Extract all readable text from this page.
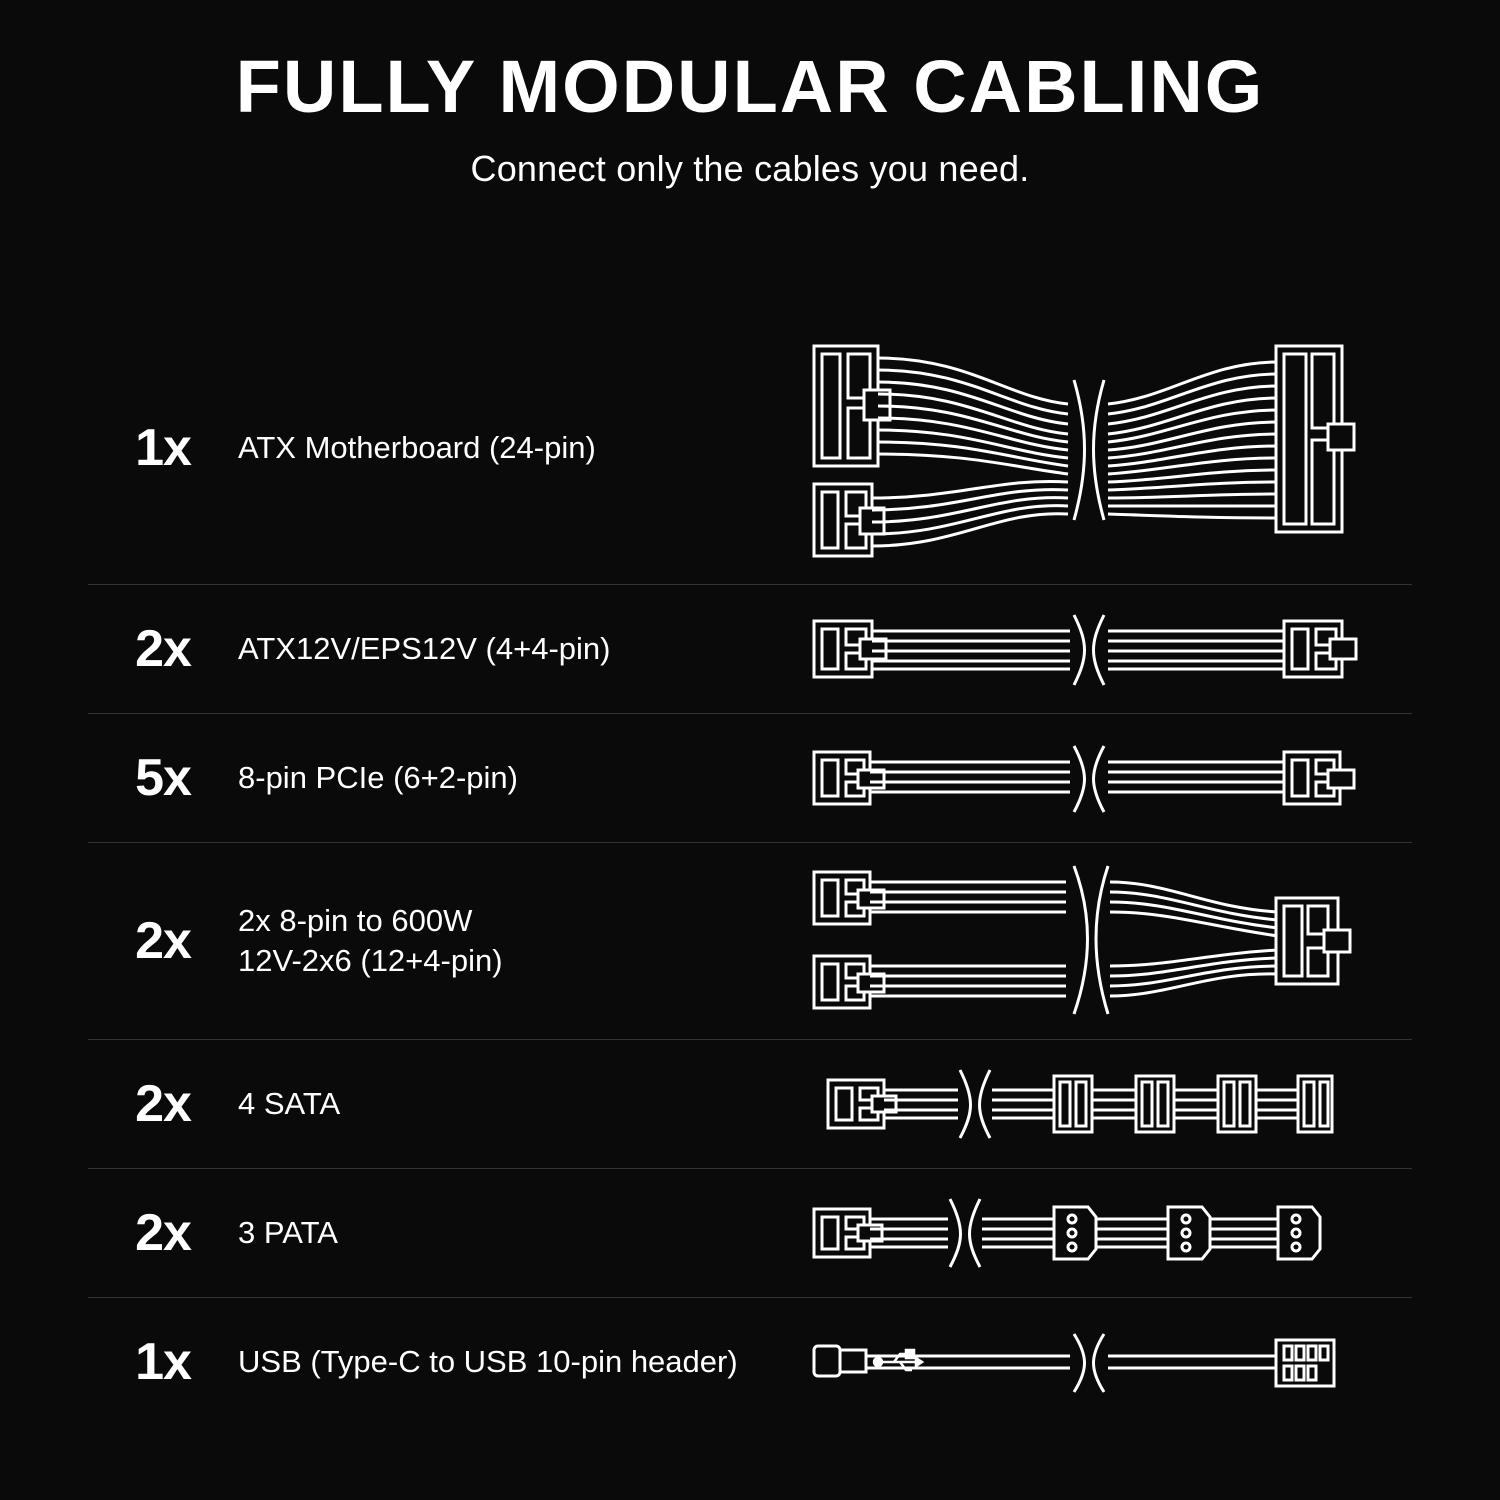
FULLY MODULAR CABLING

Connect only the cables you need.

1x	ATX Motherboard (24-pin)
2x	ATX12V/EPS12V (4+4-pin)
5x	8-pin PCIe (6+2-pin)
2x	2x 8-pin to 600W
12V-2x6 (12+4-pin)
2x	4 SATA
2x	3 PATA
1x	USB (Type-C to USB 10-pin header)
